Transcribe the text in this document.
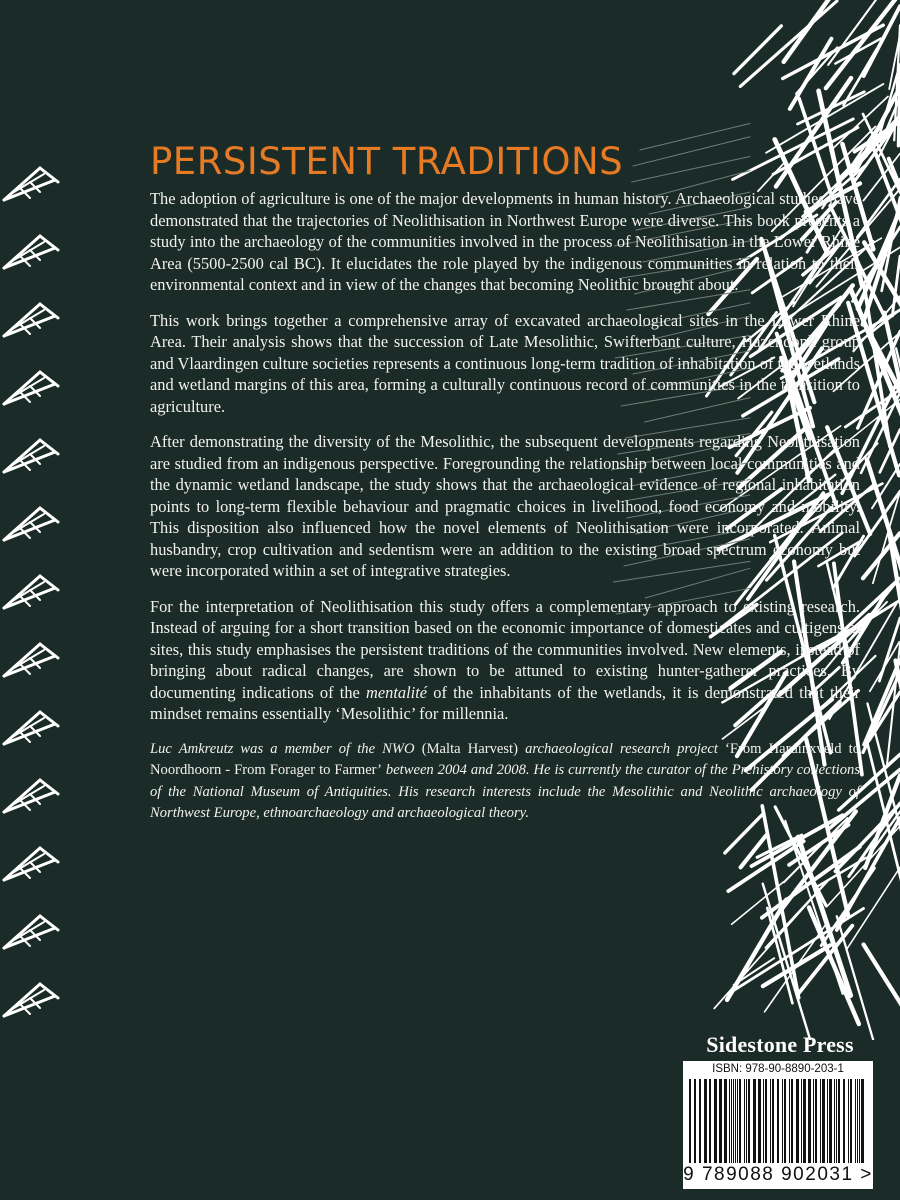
PERSISTENT TRADITIONS

The adoption of agriculture is one of the major developments in human history. Archaeological studies have demonstrated that the trajectories of Neolithisation in Northwest Europe were diverse. This book presents a study into the archaeology of the communities involved in the process of Neolithisation in the Lower Rhine Area (5500-2500 cal BC). It elucidates the role played by the indigenous communities in relation to their environmental context and in view of the changes that becoming Neolithic brought about.

This work brings together a comprehensive array of excavated archaeological sites in the Lower Rhine Area. Their analysis shows that the succession of Late Mesolithic, Swifterbant culture, Hazendonk group and Vlaardingen culture societies represents a continuous long-term tradition of inhabitation of the wetlands and wetland margins of this area, forming a culturally continuous record of communities in the transition to agriculture.

After demonstrating the diversity of the Mesolithic, the subsequent developments regarding Neolithisation are studied from an indigenous perspective. Foregrounding the relationship between local communities and the dynamic wetland landscape, the study shows that the archaeological evidence of regional inhabitation points to long-term flexible behaviour and pragmatic choices in livelihood, food economy and mobility. This disposition also influenced how the novel elements of Neolithisation were incorporated. Animal husbandry, crop cultivation and sedentism were an addition to the existing broad spectrum economy but were incorporated within a set of integrative strategies.

For the interpretation of Neolithisation this study offers a complementary approach to existing research. Instead of arguing for a short transition based on the economic importance of domesticates and cultigens at sites, this study emphasises the persistent traditions of the communities involved. New elements, instead of bringing about radical changes, are shown to be attuned to existing hunter-gatherer practices. By documenting indications of the mentalité of the inhabitants of the wetlands, it is demonstrated that their mindset remains essentially ‘Mesolithic’ for millennia.

Luc Amkreutz was a member of the NWO (Malta Harvest) archaeological research project ‘From Hardinxveld to Noordhoorn - From Forager to Farmer’ between 2004 and 2008. He is currently the curator of the Prehistory collections of the National Museum of Antiquities. His research interests include the Mesolithic and Neolithic archaeology of Northwest Europe, ethnoarchaeology and archaeological theory.

Sidestone Press
ISBN: 978-90-8890-203-1
9 789088 902031 >
